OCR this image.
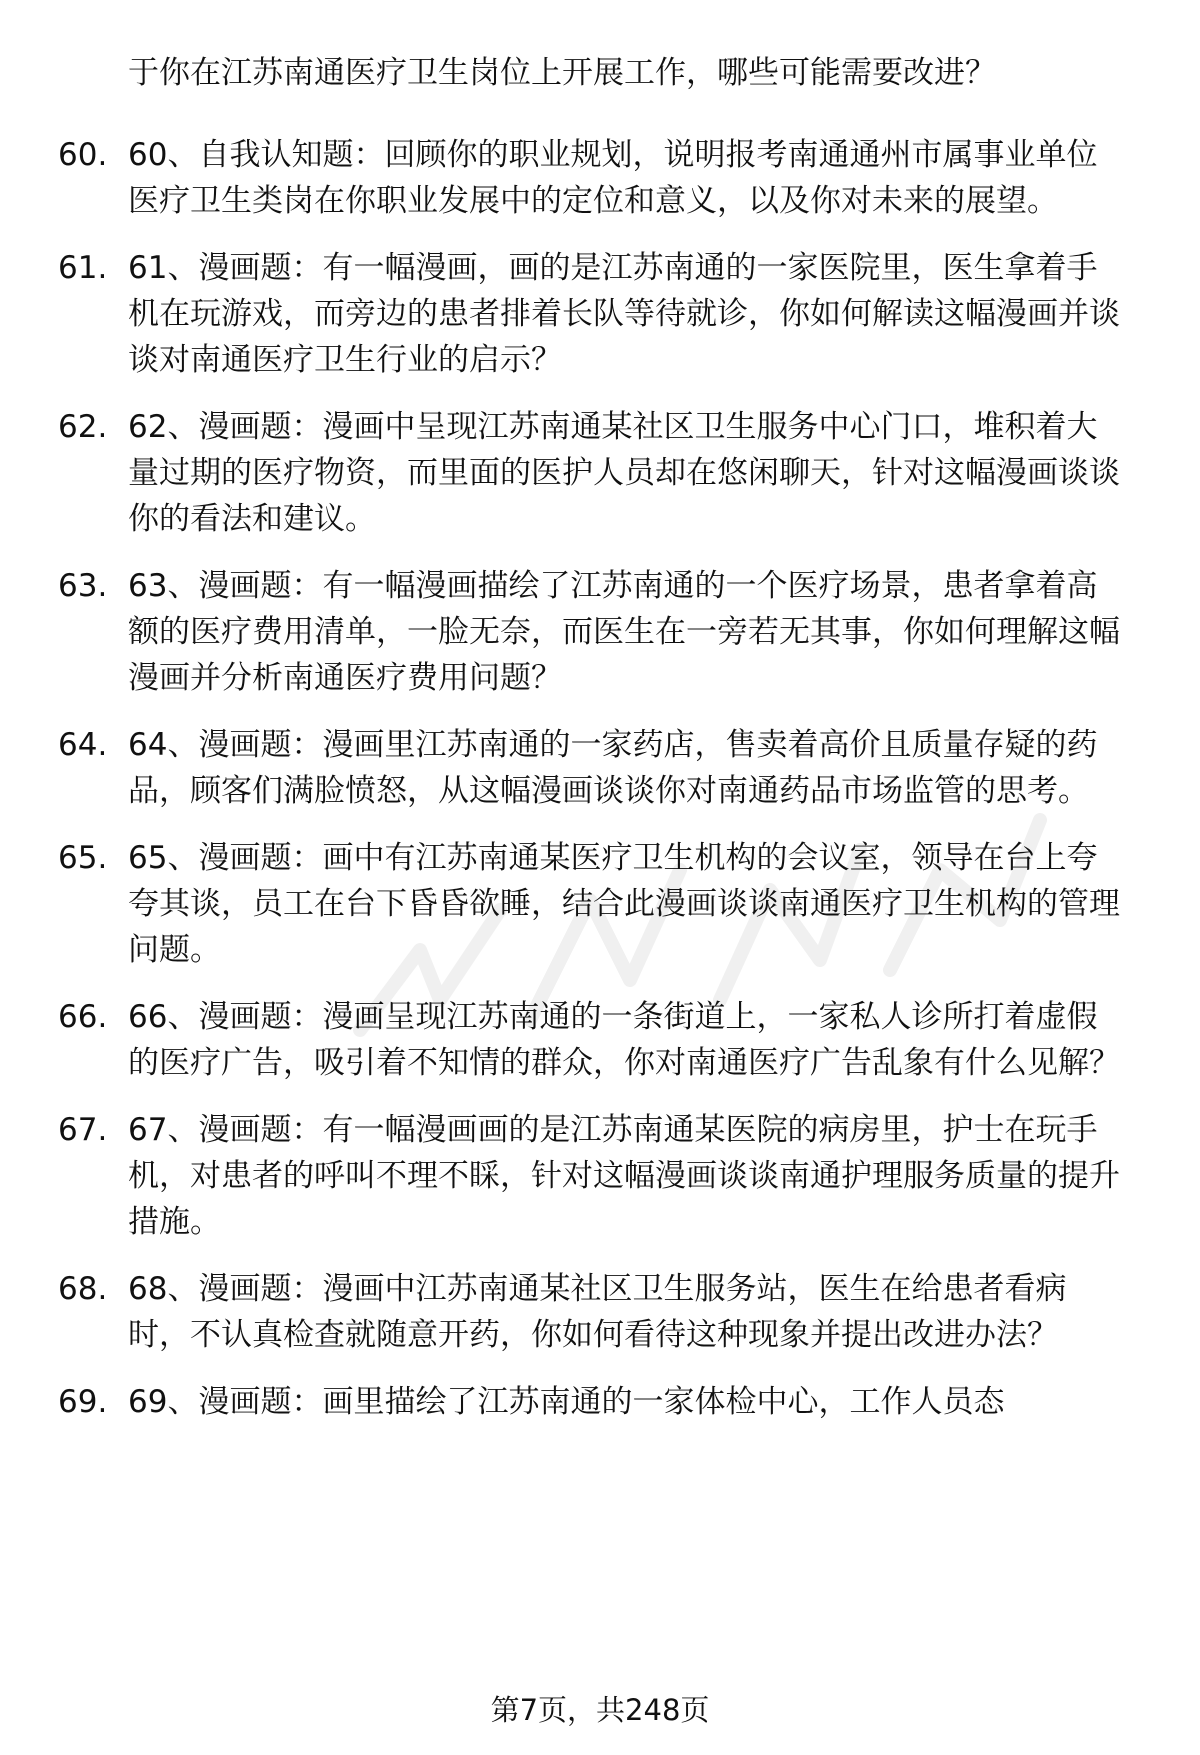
于你在江苏南通医疗卫生岗位上开展工作，哪些可能需要改进？
60. 60、自我认知题：回顾你的职业规划，说明报考南通通州市属事业单位医疗卫生类岗在你职业发展中的定位和意义，以及你对未来的展望。
61. 61、漫画题：有一幅漫画，画的是江苏南通的一家医院里，医生拿着手机在玩游戏，而旁边的患者排着长队等待就诊，你如何解读这幅漫画并谈谈对南通医疗卫生行业的启示？
62. 62、漫画题：漫画中呈现江苏南通某社区卫生服务中心门口，堆积着大量过期的医疗物资，而里面的医护人员却在悠闲聊天，针对这幅漫画谈谈你的看法和建议。
63. 63、漫画题：有一幅漫画描绘了江苏南通的一个医疗场景，患者拿着高额的医疗费用清单，一脸无奈，而医生在一旁若无其事，你如何理解这幅漫画并分析南通医疗费用问题？
64. 64、漫画题：漫画里江苏南通的一家药店，售卖着高价且质量存疑的药品，顾客们满脸愤怒，从这幅漫画谈谈你对南通药品市场监管的思考。
65. 65、漫画题：画中有江苏南通某医疗卫生机构的会议室，领导在台上夸夸其谈，员工在台下昏昏欲睡，结合此漫画谈谈南通医疗卫生机构的管理问题。
66. 66、漫画题：漫画呈现江苏南通的一条街道上，一家私人诊所打着虚假的医疗广告，吸引着不知情的群众，你对南通医疗广告乱象有什么见解？
67. 67、漫画题：有一幅漫画画的是江苏南通某医院的病房里，护士在玩手机，对患者的呼叫不理不睬，针对这幅漫画谈谈南通护理服务质量的提升措施。
68. 68、漫画题：漫画中江苏南通某社区卫生服务站，医生在给患者看病时，不认真检查就随意开药，你如何看待这种现象并提出改进办法？
69. 69、漫画题：画里描绘了江苏南通的一家体检中心，工作人员态
第7页，共248页
